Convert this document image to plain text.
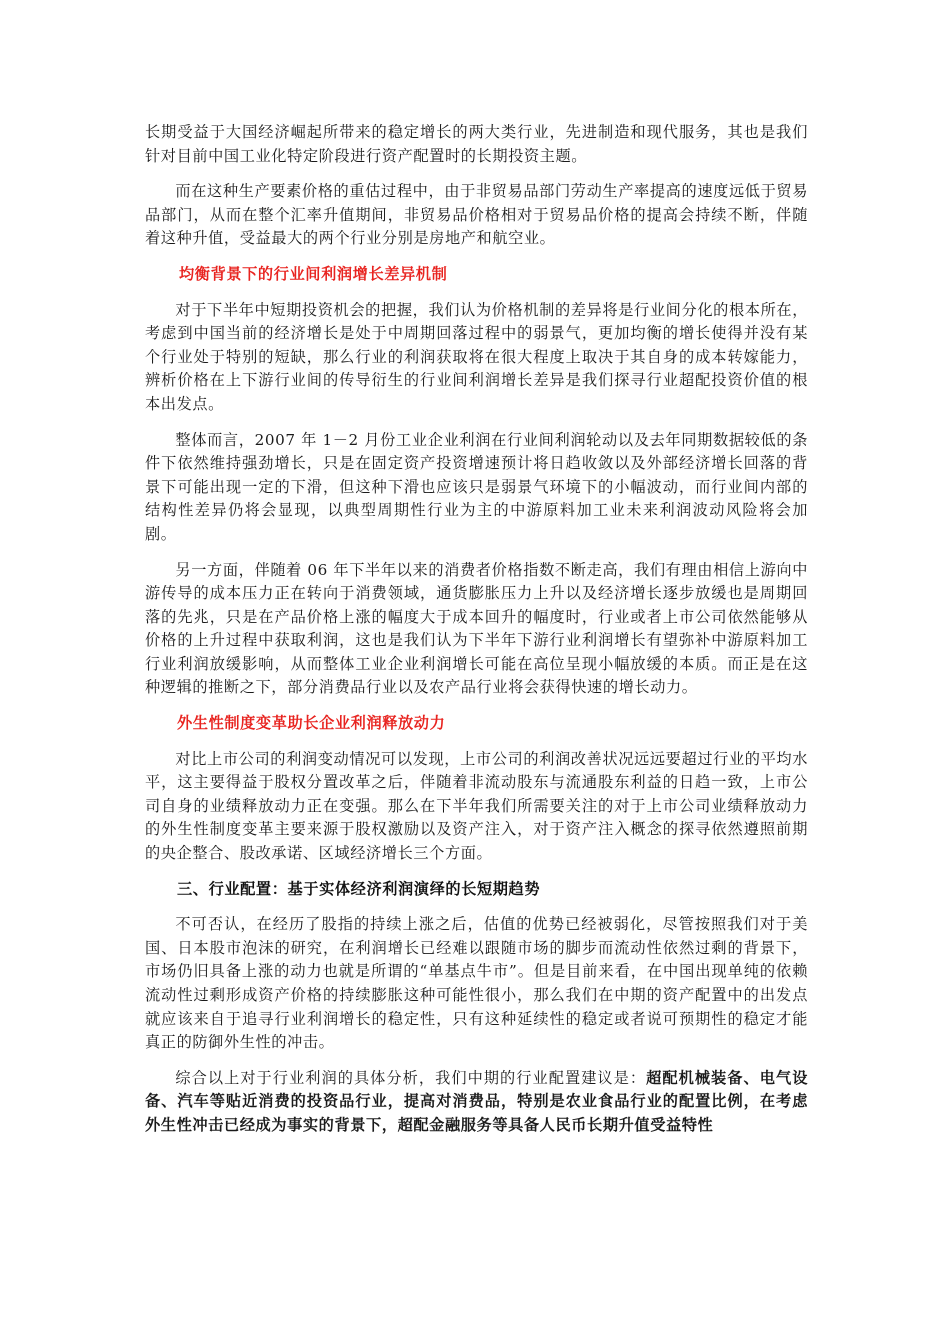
长期受益于大国经济崛起所带来的稳定增长的两大类行业，先进制造和现代服务，其也是我们针对目前中国工业化特定阶段进行资产配置时的长期投资主题。

而在这种生产要素价格的重估过程中，由于非贸易品部门劳动生产率提高的速度远低于贸易品部门，从而在整个汇率升值期间，非贸易品价格相对于贸易品价格的提高会持续不断，伴随着这种升值，受益最大的两个行业分别是房地产和航空业。

均衡背景下的行业间利润增长差异机制

对于下半年中短期投资机会的把握，我们认为价格机制的差异将是行业间分化的根本所在，考虑到中国当前的经济增长是处于中周期回落过程中的弱景气，更加均衡的增长使得并没有某个行业处于特别的短缺，那么行业的利润获取将在很大程度上取决于其自身的成本转嫁能力，辨析价格在上下游行业间的传导衍生的行业间利润增长差异是我们探寻行业超配投资价值的根本出发点。

整体而言，2007 年 1－2 月份工业企业利润在行业间利润轮动以及去年同期数据较低的条件下依然维持强劲增长，只是在固定资产投资增速预计将日趋收敛以及外部经济增长回落的背景下可能出现一定的下滑，但这种下滑也应该只是弱景气环境下的小幅波动，而行业间内部的结构性差异仍将会显现，以典型周期性行业为主的中游原料加工业未来利润波动风险将会加剧。

另一方面，伴随着 06 年下半年以来的消费者价格指数不断走高，我们有理由相信上游向中游传导的成本压力正在转向于消费领域，通货膨胀压力上升以及经济增长逐步放缓也是周期回落的先兆，只是在产品价格上涨的幅度大于成本回升的幅度时，行业或者上市公司依然能够从价格的上升过程中获取利润，这也是我们认为下半年下游行业利润增长有望弥补中游原料加工行业利润放缓影响，从而整体工业企业利润增长可能在高位呈现小幅放缓的本质。而正是在这种逻辑的推断之下，部分消费品行业以及农产品行业将会获得快速的增长动力。

外生性制度变革助长企业利润释放动力

对比上市公司的利润变动情况可以发现，上市公司的利润改善状况远远要超过行业的平均水平，这主要得益于股权分置改革之后，伴随着非流动股东与流通股东利益的日趋一致，上市公司自身的业绩释放动力正在变强。那么在下半年我们所需要关注的对于上市公司业绩释放动力的外生性制度变革主要来源于股权激励以及资产注入，对于资产注入概念的探寻依然遵照前期的央企整合、股改承诺、区域经济增长三个方面。

三、行业配置：基于实体经济利润演绎的长短期趋势

不可否认，在经历了股指的持续上涨之后，估值的优势已经被弱化，尽管按照我们对于美国、日本股市泡沫的研究，在利润增长已经难以跟随市场的脚步而流动性依然过剩的背景下，市场仍旧具备上涨的动力也就是所谓的“单基点牛市”。但是目前来看，在中国出现单纯的依赖流动性过剩形成资产价格的持续膨胀这种可能性很小，那么我们在中期的资产配置中的出发点就应该来自于追寻行业利润增长的稳定性，只有这种延续性的稳定或者说可预期性的稳定才能真正的防御外生性的冲击。

综合以上对于行业利润的具体分析，我们中期的行业配置建议是：超配机械装备、电气设备、汽车等贴近消费的投资品行业，提高对消费品，特别是农业食品行业的配置比例，在考虑外生性冲击已经成为事实的背景下，超配金融服务等具备人民币长期升值受益特性
